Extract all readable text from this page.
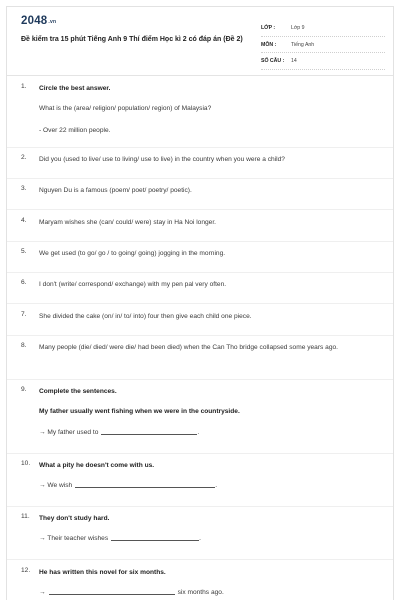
2048.vn
Đề kiểm tra 15 phút Tiếng Anh 9 Thí điểm Học kì 2 có đáp án (Đề 2)
LỚP :	Lớp 9
MÔN :	Tiếng Anh
SỐ CÂU : 14
1. Circle the best answer.
What is the (area/ religion/ population/ region) of Malaysia?
- Over 22 million people.
2. Did you (used to live/ use to living/ use to live) in the country when you were a child?
3. Nguyen Du is a famous (poem/ poet/ poetry/ poetic).
4. Maryam wishes she (can/ could/ were) stay in Ha Noi longer.
5. We get used (to go/ go / to going/ going) jogging in the morning.
6. I don't (write/ correspond/ exchange) with my pen pal very often.
7. She divided the cake (on/ in/ to/ into) four then give each child one piece.
8. Many people (die/ died/ were die/ had been died) when the Can Tho bridge collapsed some years ago.
9. Complete the sentences.
My father usually went fishing when we were in the countryside.
→ My father used to	.
10. What a pity he doesn't come with us.
→ We wish	.
11. They don't study hard.
→ Their teacher wishes	.
12. He has written this novel for six months.
→	six months ago.
